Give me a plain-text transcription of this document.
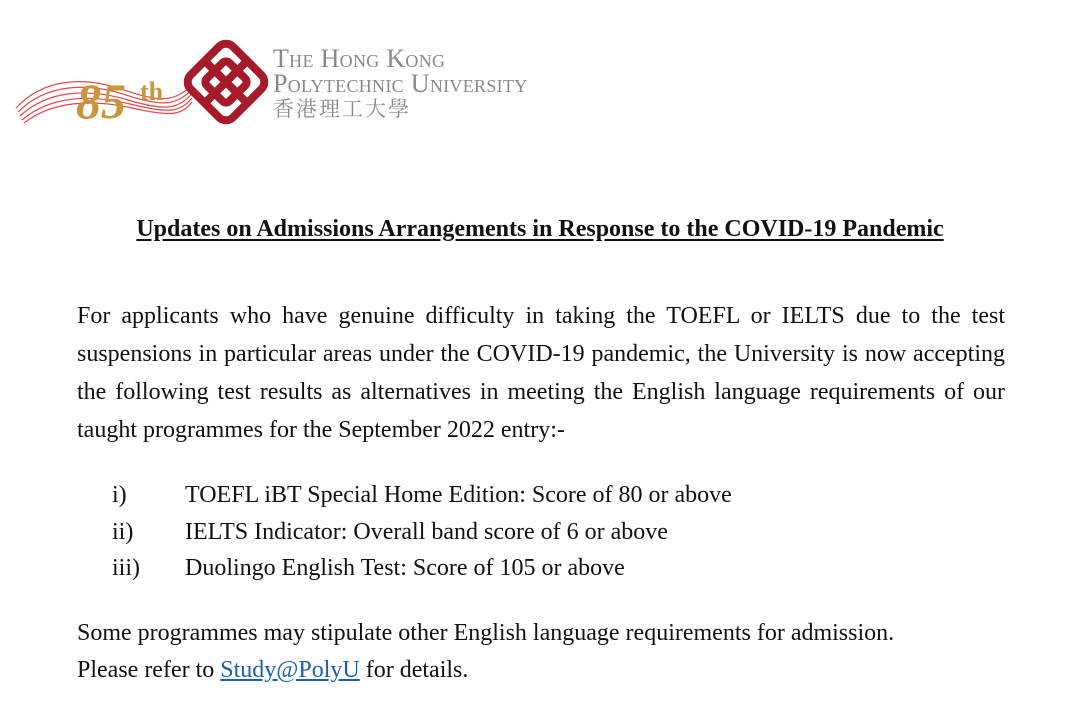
85 th
The Hong Kong
Polytechnic University
香港理工大學
Updates on Admissions Arrangements in Response to the COVID-19 Pandemic

For applicants who have genuine difficulty in taking the TOEFL or IELTS due to the test suspensions in particular areas under the COVID-19 pandemic, the University is now accepting the following test results as alternatives in meeting the English language requirements of our taught programmes for the September 2022 entry:-

i)	TOEFL iBT Special Home Edition: Score of 80 or above
ii)	IELTS Indicator: Overall band score of 6 or above
iii)	Duolingo English Test: Score of 105 or above

Some programmes may stipulate other English language requirements for admission.
Please refer to Study@PolyU for details.
